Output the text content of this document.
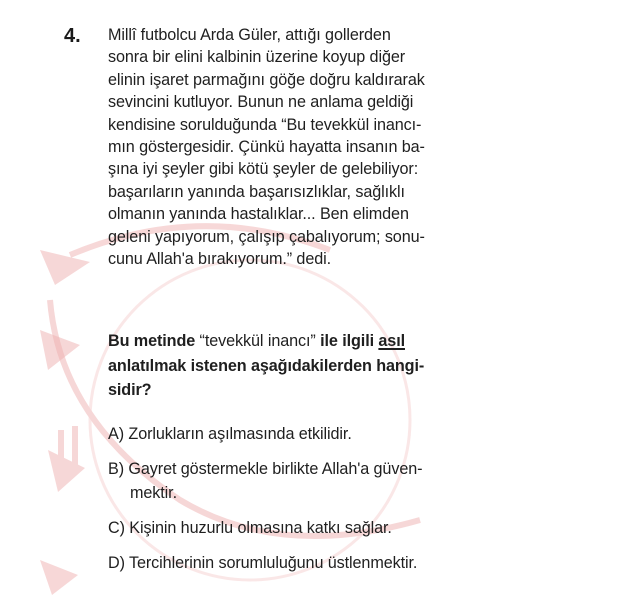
4. Millî futbolcu Arda Güler, attığı gollerden
sonra bir elini kalbinin üzerine koyup diğer
elinin işaret parmağını göğe doğru kaldırarak
sevincini kutluyor. Bunun ne anlama geldiği
kendisine sorulduğunda “Bu tevekkül inancı-
mın göstergesidir. Çünkü hayatta insanın ba-
şına iyi şeyler gibi kötü şeyler de gelebiliyor:
başarıların yanında başarısızlıklar, sağlıklı
olmanın yanında hastalıklar... Ben elimden
geleni yapıyorum, çalışıp çabalıyorum; sonu-
cunu Allah'a bırakıyorum.” dedi.
Bu metinde “tevekkül inancı” ile ilgili asıl
anlatılmak istenen aşağıdakilerden hangi-
sidir?
A) Zorlukların aşılmasında etkilidir.
B) Gayret göstermekle birlikte Allah'a güven-
mektir.
C) Kişinin huzurlu olmasına katkı sağlar.
D) Tercihlerinin sorumluluğunu üstlenmektir.
